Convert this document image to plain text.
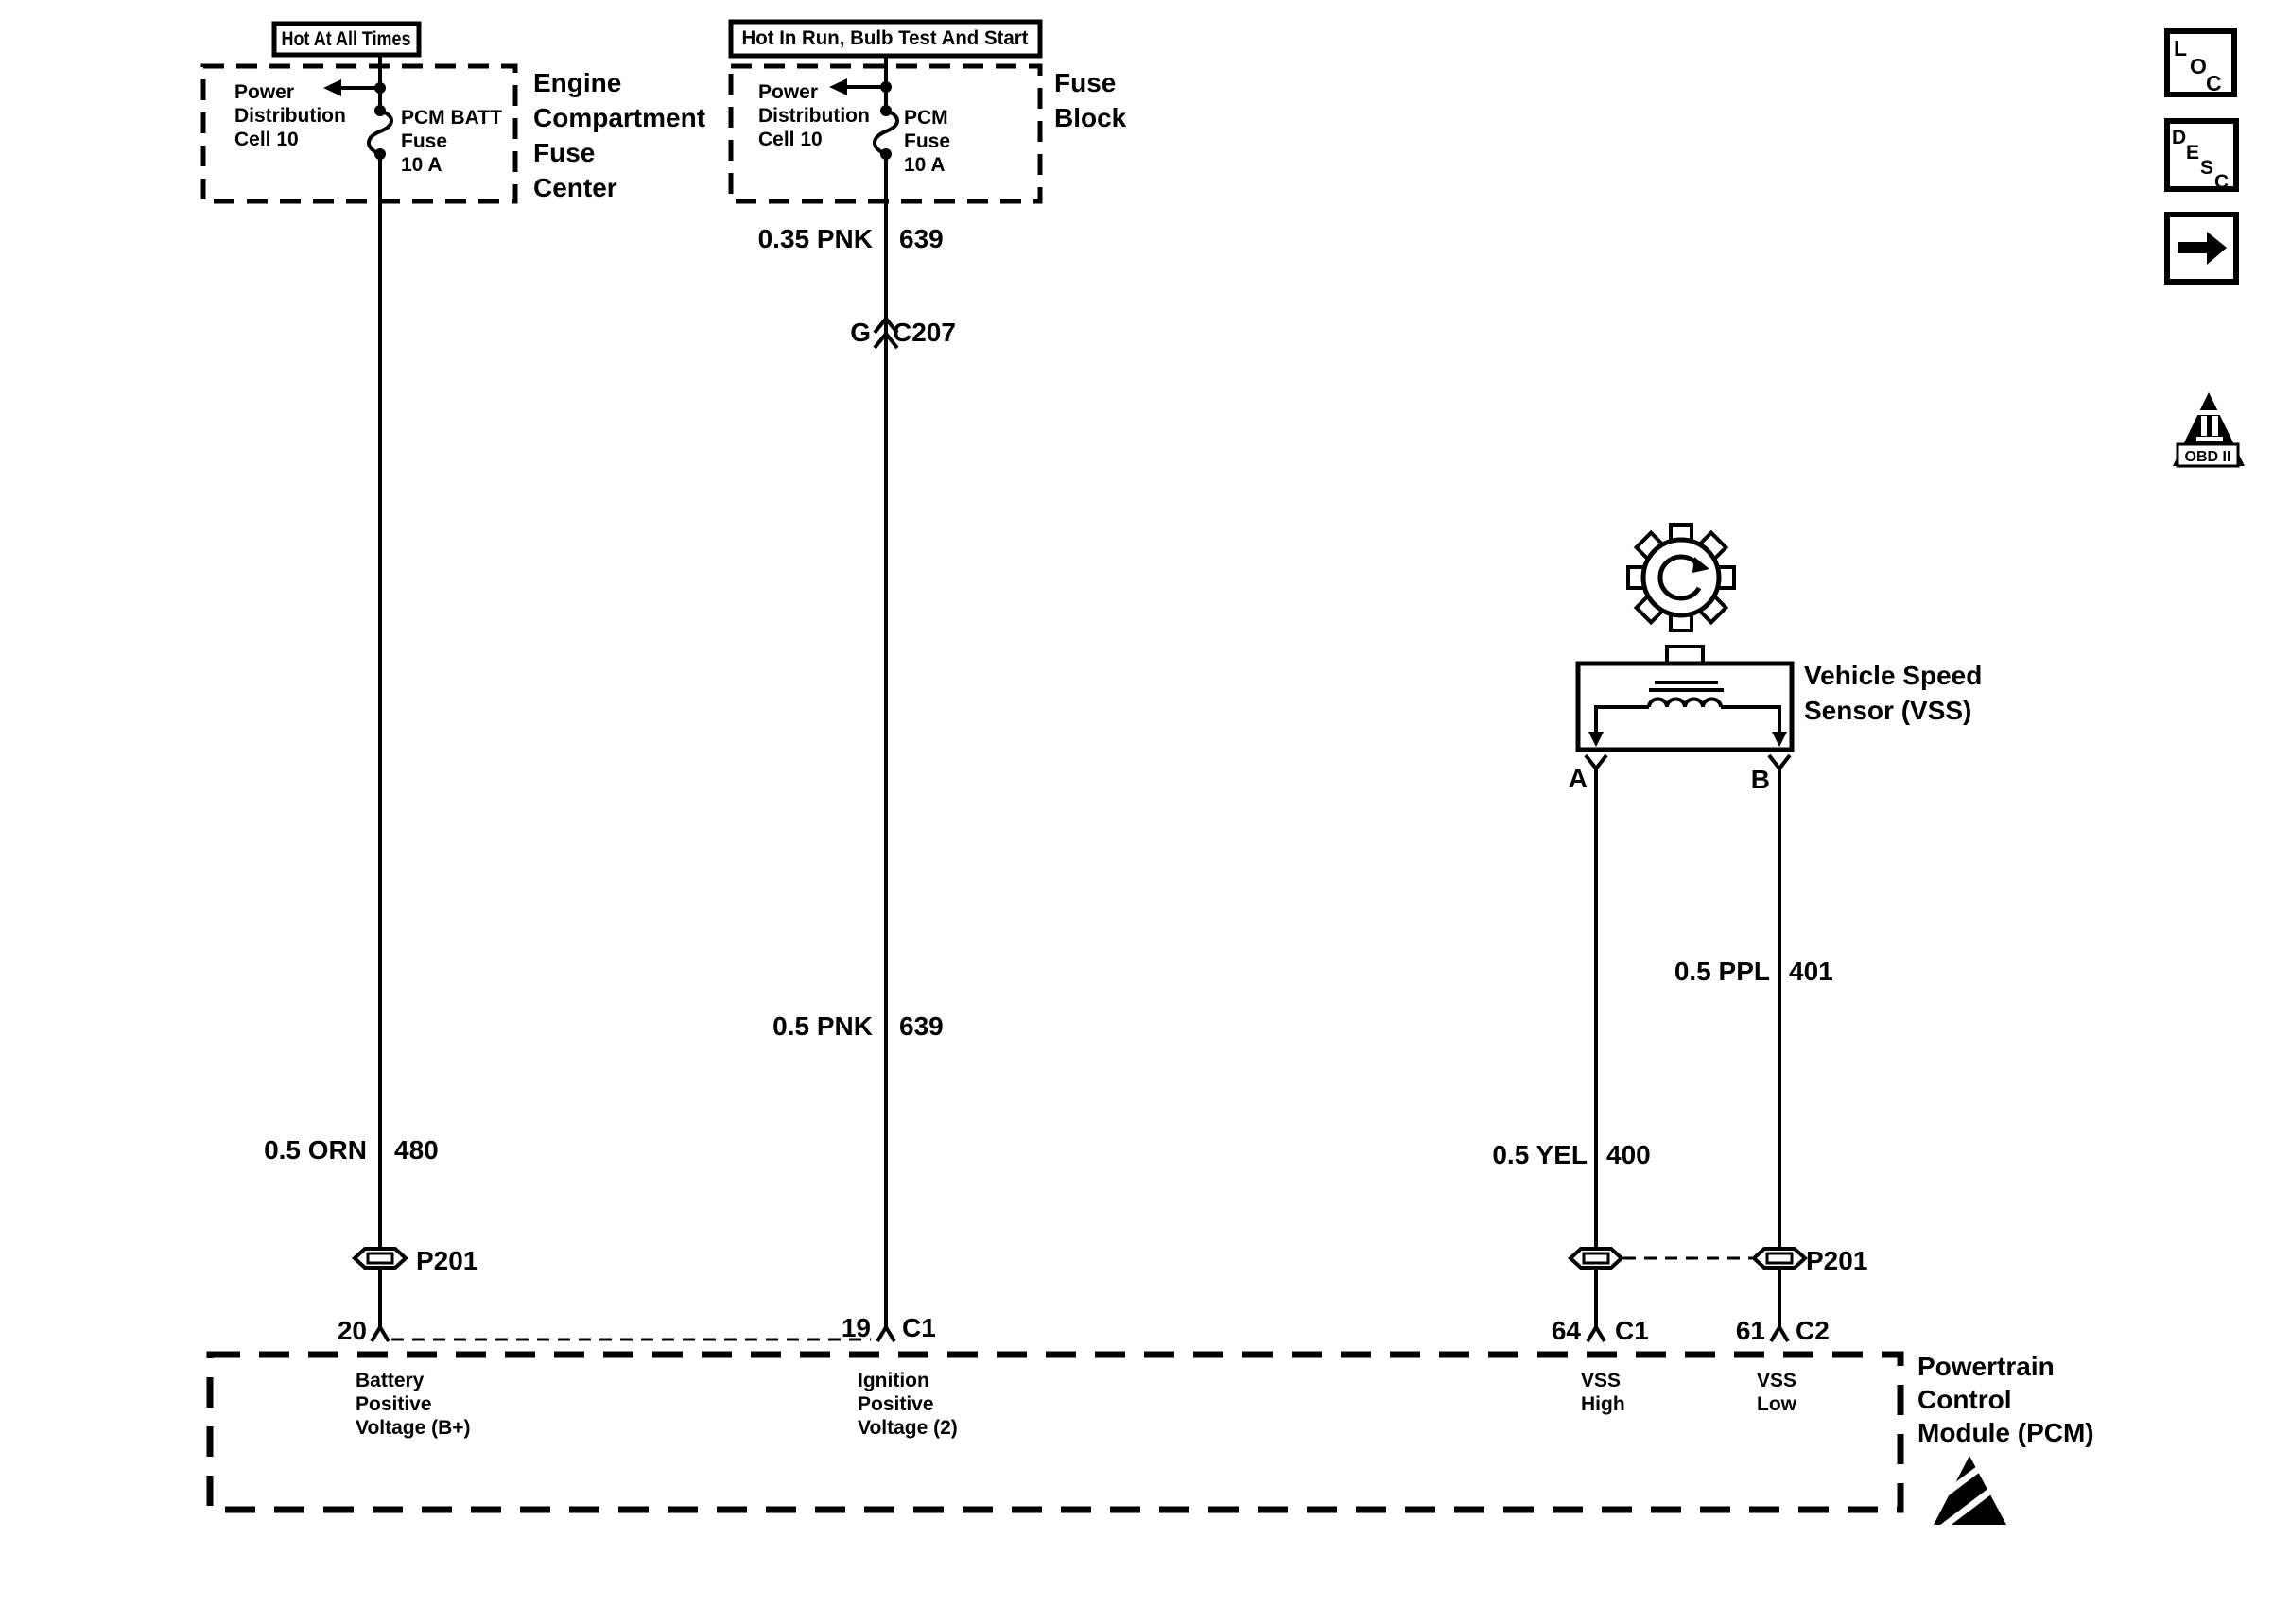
Hot At All Times
Power
Distribution
Cell 10
PCM BATT
Fuse
10 A
Engine
Compartment
Fuse
Center
Hot In Run, Bulb Test And Start
Power
Distribution
Cell 10
PCM
Fuse
10 A
Fuse
Block
0.5 ORN 480
P201
20
0.35 PNK 639
G C207
0.5 PNK 639
19 C1
A	B
Vehicle Speed
Sensor (VSS)
0.5 PPL 401
0.5 YEL 400
P201
64 C1	61 C2
Battery
Positive
Voltage (B+)
Ignition
Positive
Voltage (2)
VSS
High
VSS
Low
Powertrain
Control
Module (PCM)
L
O
C
D
E
S
C
OBD II
